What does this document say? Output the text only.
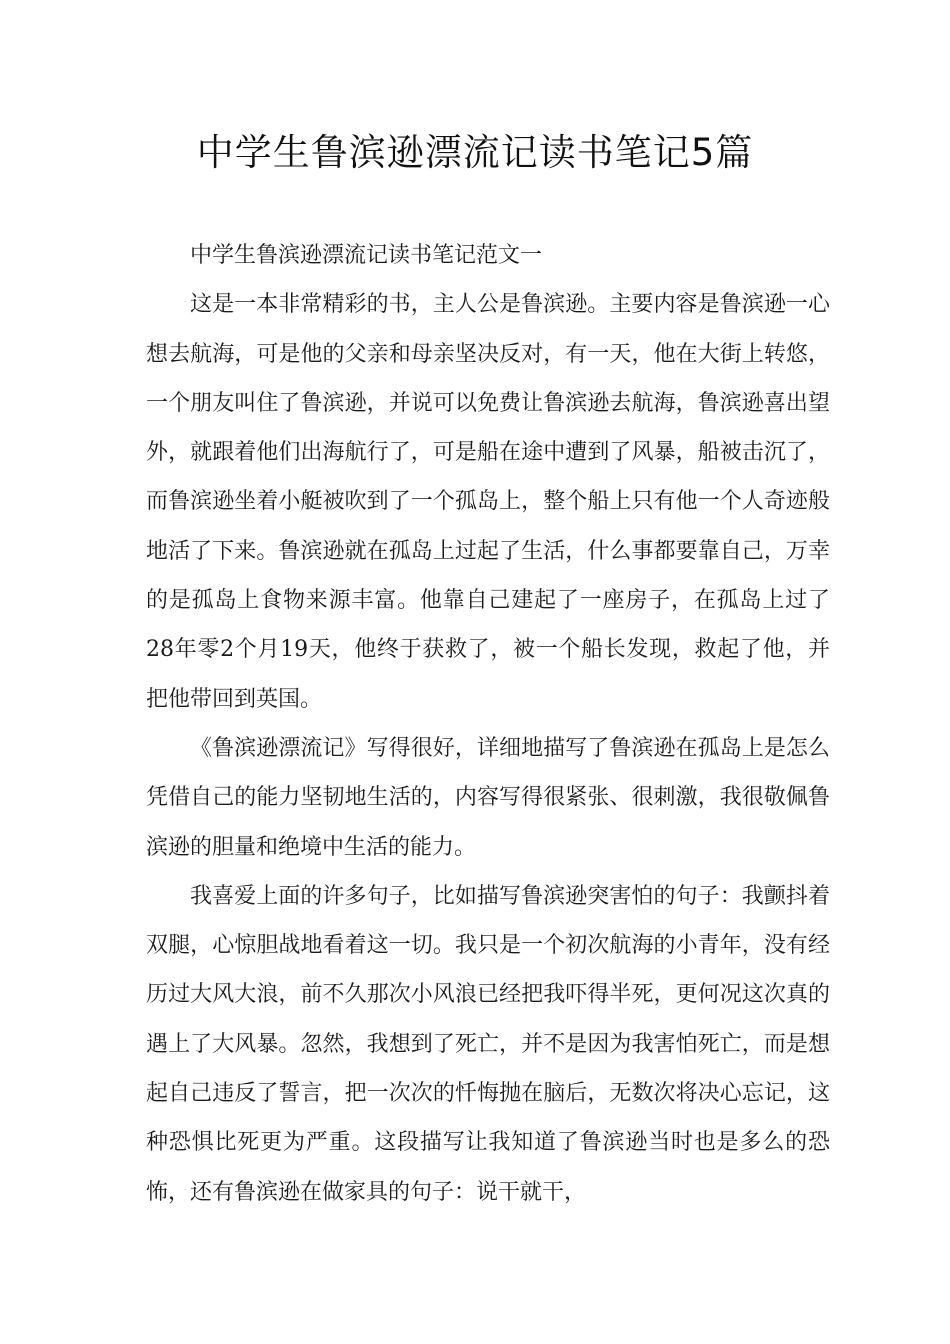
中学生鲁滨逊漂流记读书笔记5篇

中学生鲁滨逊漂流记读书笔记范文一

这是一本非常精彩的书，主人公是鲁滨逊。主要内容是鲁滨逊一心想去航海，可是他的父亲和母亲坚决反对，有一天，他在大街上转悠，一个朋友叫住了鲁滨逊，并说可以免费让鲁滨逊去航海，鲁滨逊喜出望外，就跟着他们出海航行了，可是船在途中遭到了风暴，船被击沉了，而鲁滨逊坐着小艇被吹到了一个孤岛上，整个船上只有他一个人奇迹般地活了下来。鲁滨逊就在孤岛上过起了生活，什么事都要靠自己，万幸的是孤岛上食物来源丰富。他靠自己建起了一座房子，在孤岛上过了28年零2个月19天，他终于获救了，被一个船长发现，救起了他，并把他带回到英国。

《鲁滨逊漂流记》写得很好，详细地描写了鲁滨逊在孤岛上是怎么凭借自己的能力坚韧地生活的，内容写得很紧张、很刺激，我很敬佩鲁滨逊的胆量和绝境中生活的能力。

我喜爱上面的许多句子，比如描写鲁滨逊突害怕的句子：我颤抖着双腿，心惊胆战地看着这一切。我只是一个初次航海的小青年，没有经历过大风大浪，前不久那次小风浪已经把我吓得半死，更何况这次真的遇上了大风暴。忽然，我想到了死亡，并不是因为我害怕死亡，而是想起自己违反了誓言，把一次次的忏悔抛在脑后，无数次将决心忘记，这种恐惧比死更为严重。这段描写让我知道了鲁滨逊当时也是多么的恐怖，还有鲁滨逊在做家具的句子：说干就干，
